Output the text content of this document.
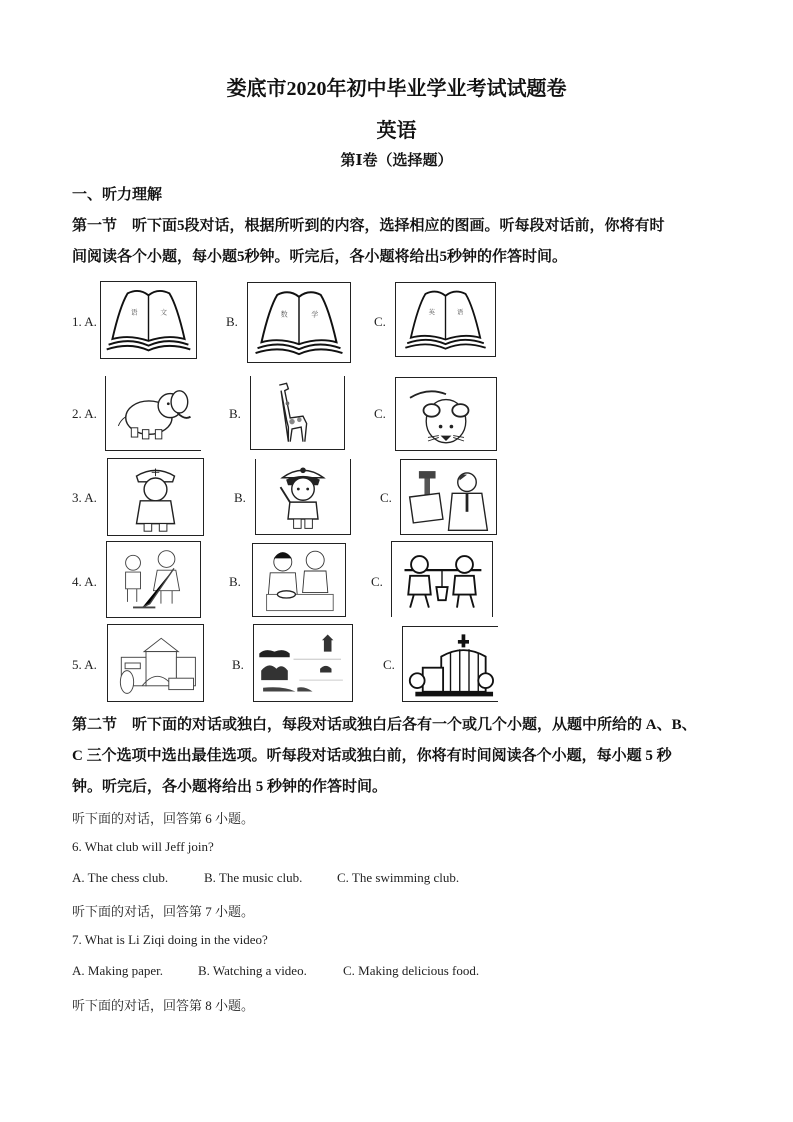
娄底市2020年初中毕业学业考试试题卷
英语
第Ⅰ卷（选择题）
一、听力理解
第一节　听下面5段对话，根据所听到的内容，选择相应的图画。听每段对话前，你将有时
间阅读各个小题，每小题5秒钟。听完后，各小题将给出5秒钟的作答时间。
1. A.
语	文
B.	数	学	C.
英	语
2. A.	B.	C.
3. A.	B.	C.
4. A.	B.	C.
5. A.	B.	C.
第二节　听下面的对话或独白，每段对话或独白后各有一个或几个小题，从题中所给的 A、B、
C 三个选项中选出最佳选项。听每段对话或独白前，你将有时间阅读各个小题，每小题 5 秒
钟。听完后，各小题将给出 5 秒钟的作答时间。
听下面的对话，回答第 6 小题。
6. What club will Jeff join?
A. The chess club.	B. The music club.	C. The swimming club.
听下面的对话，回答第 7 小题。
7. What is Li Ziqi doing in the video?
A. Making paper.	B. Watching a video.	C. Making delicious food.
听下面的对话，回答第 8 小题。
